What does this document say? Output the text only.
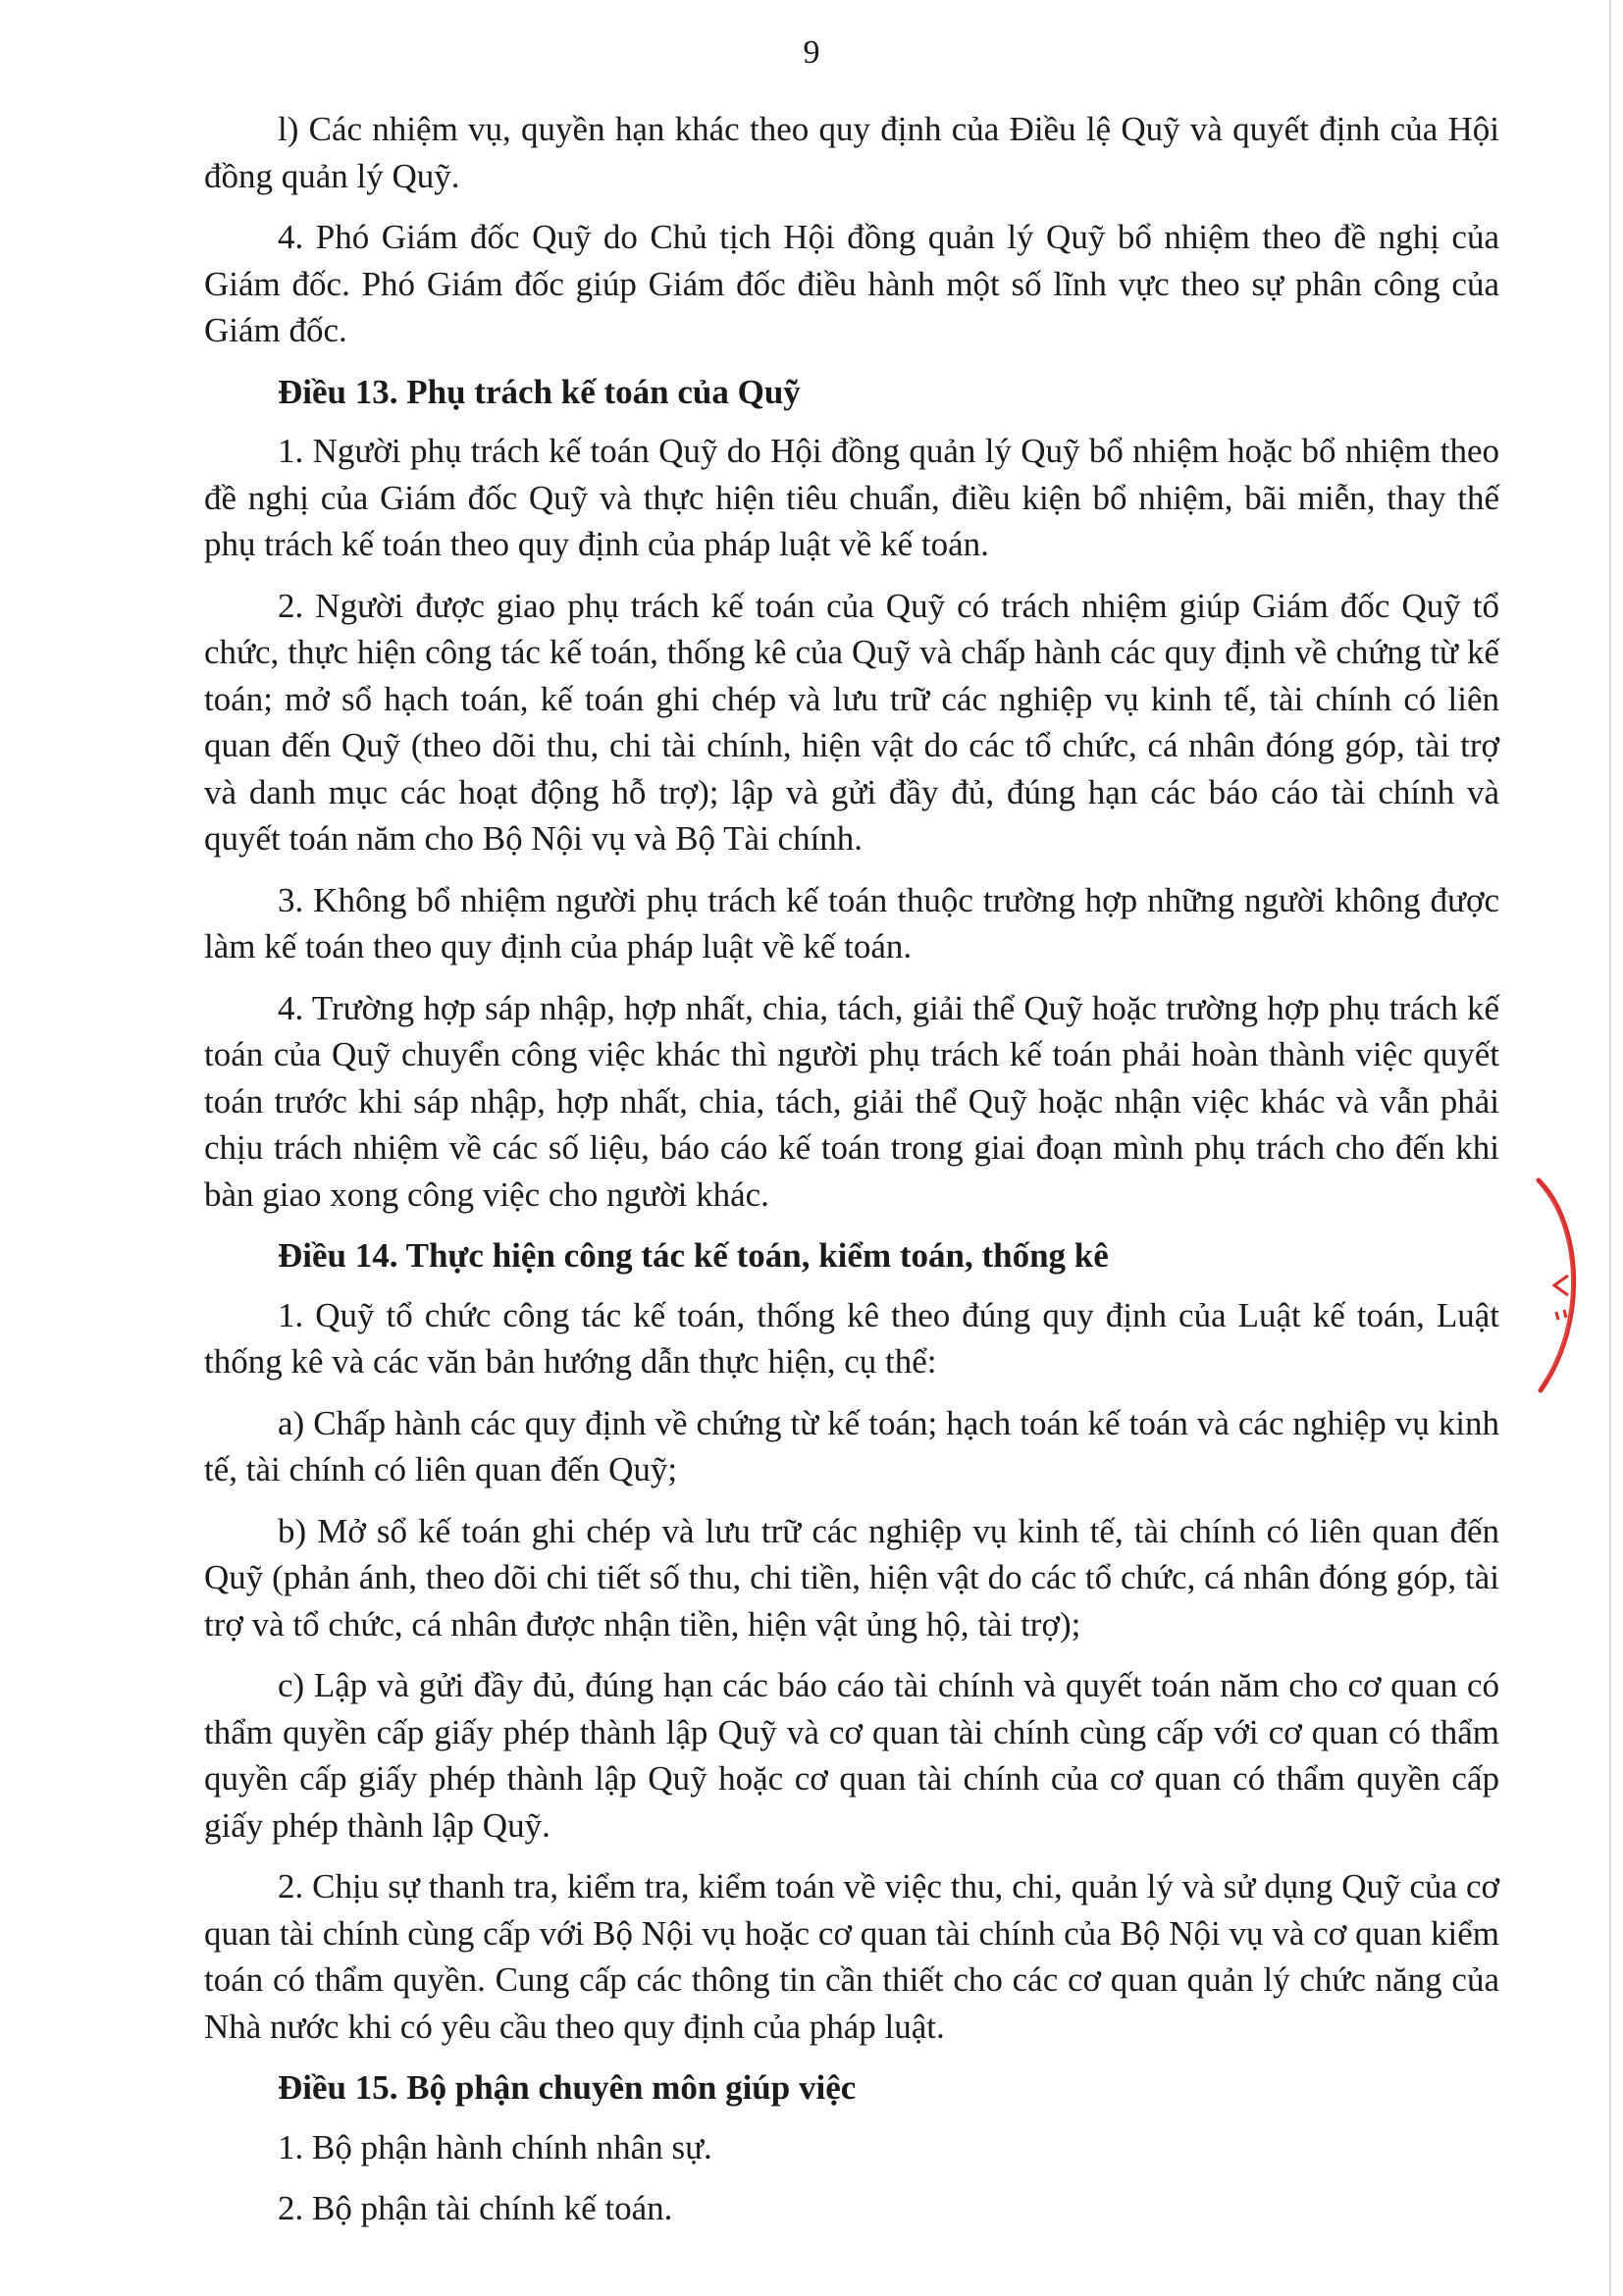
9

l) Các nhiệm vụ, quyền hạn khác theo quy định của Điều lệ Quỹ và quyết định của Hội đồng quản lý Quỹ.

4. Phó Giám đốc Quỹ do Chủ tịch Hội đồng quản lý Quỹ bổ nhiệm theo đề nghị của Giám đốc. Phó Giám đốc giúp Giám đốc điều hành một số lĩnh vực theo sự phân công của Giám đốc.

Điều 13. Phụ trách kế toán của Quỹ

1. Người phụ trách kế toán Quỹ do Hội đồng quản lý Quỹ bổ nhiệm hoặc bổ nhiệm theo đề nghị của Giám đốc Quỹ và thực hiện tiêu chuẩn, điều kiện bổ nhiệm, bãi miễn, thay thế phụ trách kế toán theo quy định của pháp luật về kế toán.

2. Người được giao phụ trách kế toán của Quỹ có trách nhiệm giúp Giám đốc Quỹ tổ chức, thực hiện công tác kế toán, thống kê của Quỹ và chấp hành các quy định về chứng từ kế toán; mở sổ hạch toán, kế toán ghi chép và lưu trữ các nghiệp vụ kinh tế, tài chính có liên quan đến Quỹ (theo dõi thu, chi tài chính, hiện vật do các tổ chức, cá nhân đóng góp, tài trợ và danh mục các hoạt động hỗ trợ); lập và gửi đầy đủ, đúng hạn các báo cáo tài chính và quyết toán năm cho Bộ Nội vụ và Bộ Tài chính.

3. Không bổ nhiệm người phụ trách kế toán thuộc trường hợp những người không được làm kế toán theo quy định của pháp luật về kế toán.

4. Trường hợp sáp nhập, hợp nhất, chia, tách, giải thể Quỹ hoặc trường hợp phụ trách kế toán của Quỹ chuyển công việc khác thì người phụ trách kế toán phải hoàn thành việc quyết toán trước khi sáp nhập, hợp nhất, chia, tách, giải thể Quỹ hoặc nhận việc khác và vẫn phải chịu trách nhiệm về các số liệu, báo cáo kế toán trong giai đoạn mình phụ trách cho đến khi bàn giao xong công việc cho người khác.

Điều 14. Thực hiện công tác kế toán, kiểm toán, thống kê

1. Quỹ tổ chức công tác kế toán, thống kê theo đúng quy định của Luật kế toán, Luật thống kê và các văn bản hướng dẫn thực hiện, cụ thể:

a) Chấp hành các quy định về chứng từ kế toán; hạch toán kế toán và các nghiệp vụ kinh tế, tài chính có liên quan đến Quỹ;

b) Mở sổ kế toán ghi chép và lưu trữ các nghiệp vụ kinh tế, tài chính có liên quan đến Quỹ (phản ánh, theo dõi chi tiết số thu, chi tiền, hiện vật do các tổ chức, cá nhân đóng góp, tài trợ và tổ chức, cá nhân được nhận tiền, hiện vật ủng hộ, tài trợ);

c) Lập và gửi đầy đủ, đúng hạn các báo cáo tài chính và quyết toán năm cho cơ quan có thẩm quyền cấp giấy phép thành lập Quỹ và cơ quan tài chính cùng cấp với cơ quan có thẩm quyền cấp giấy phép thành lập Quỹ hoặc cơ quan tài chính của cơ quan có thẩm quyền cấp giấy phép thành lập Quỹ.

2. Chịu sự thanh tra, kiểm tra, kiểm toán về việc thu, chi, quản lý và sử dụng Quỹ của cơ quan tài chính cùng cấp với Bộ Nội vụ hoặc cơ quan tài chính của Bộ Nội vụ và cơ quan kiểm toán có thẩm quyền. Cung cấp các thông tin cần thiết cho các cơ quan quản lý chức năng của Nhà nước khi có yêu cầu theo quy định của pháp luật.

Điều 15. Bộ phận chuyên môn giúp việc

1. Bộ phận hành chính nhân sự.

2. Bộ phận tài chính kế toán.
